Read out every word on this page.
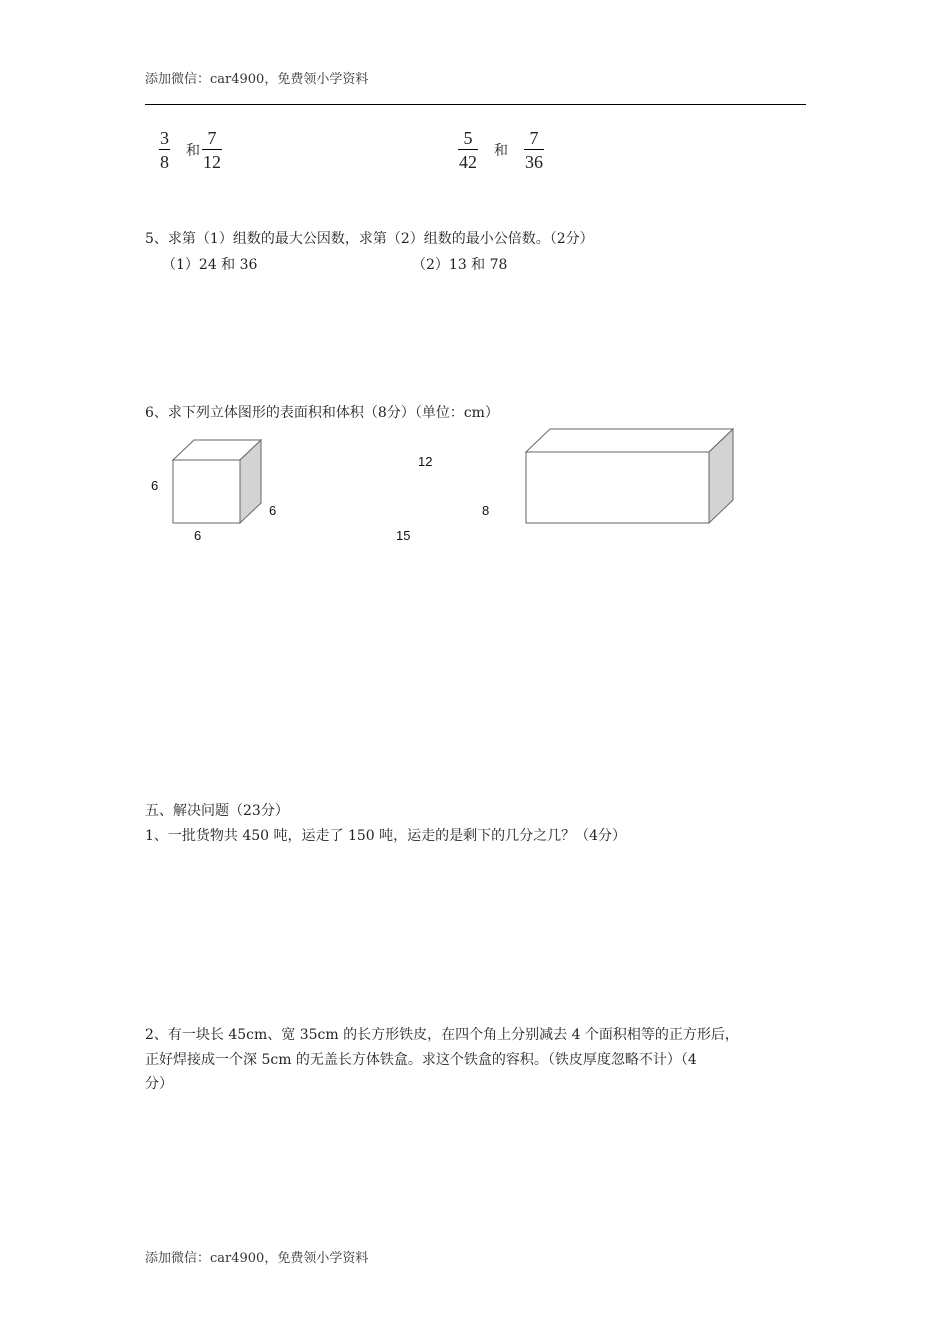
添加微信：car4900，免费领小学资料
3
8
和
7
12
5
42
和
7
36
5、求第（1）组数的最大公因数，求第（2）组数的最小公倍数。（2分）
（1）24 和 36	（2）13 和 78
6、求下列立体图形的表面积和体积（8分）（单位：cm）
6
6
6
12
15
8
五、解决问题（23分）
1、一批货物共 450 吨，运走了 150 吨，运走的是剩下的几分之几？（4分）
2、有一块长 45cm、宽 35cm 的长方形铁皮，在四个角上分别减去 4 个面积相等的正方形后，
正好焊接成一个深 5cm 的无盖长方体铁盒。求这个铁盒的容积。（铁皮厚度忽略不计）（4
分）
添加微信：car4900，免费领小学资料
